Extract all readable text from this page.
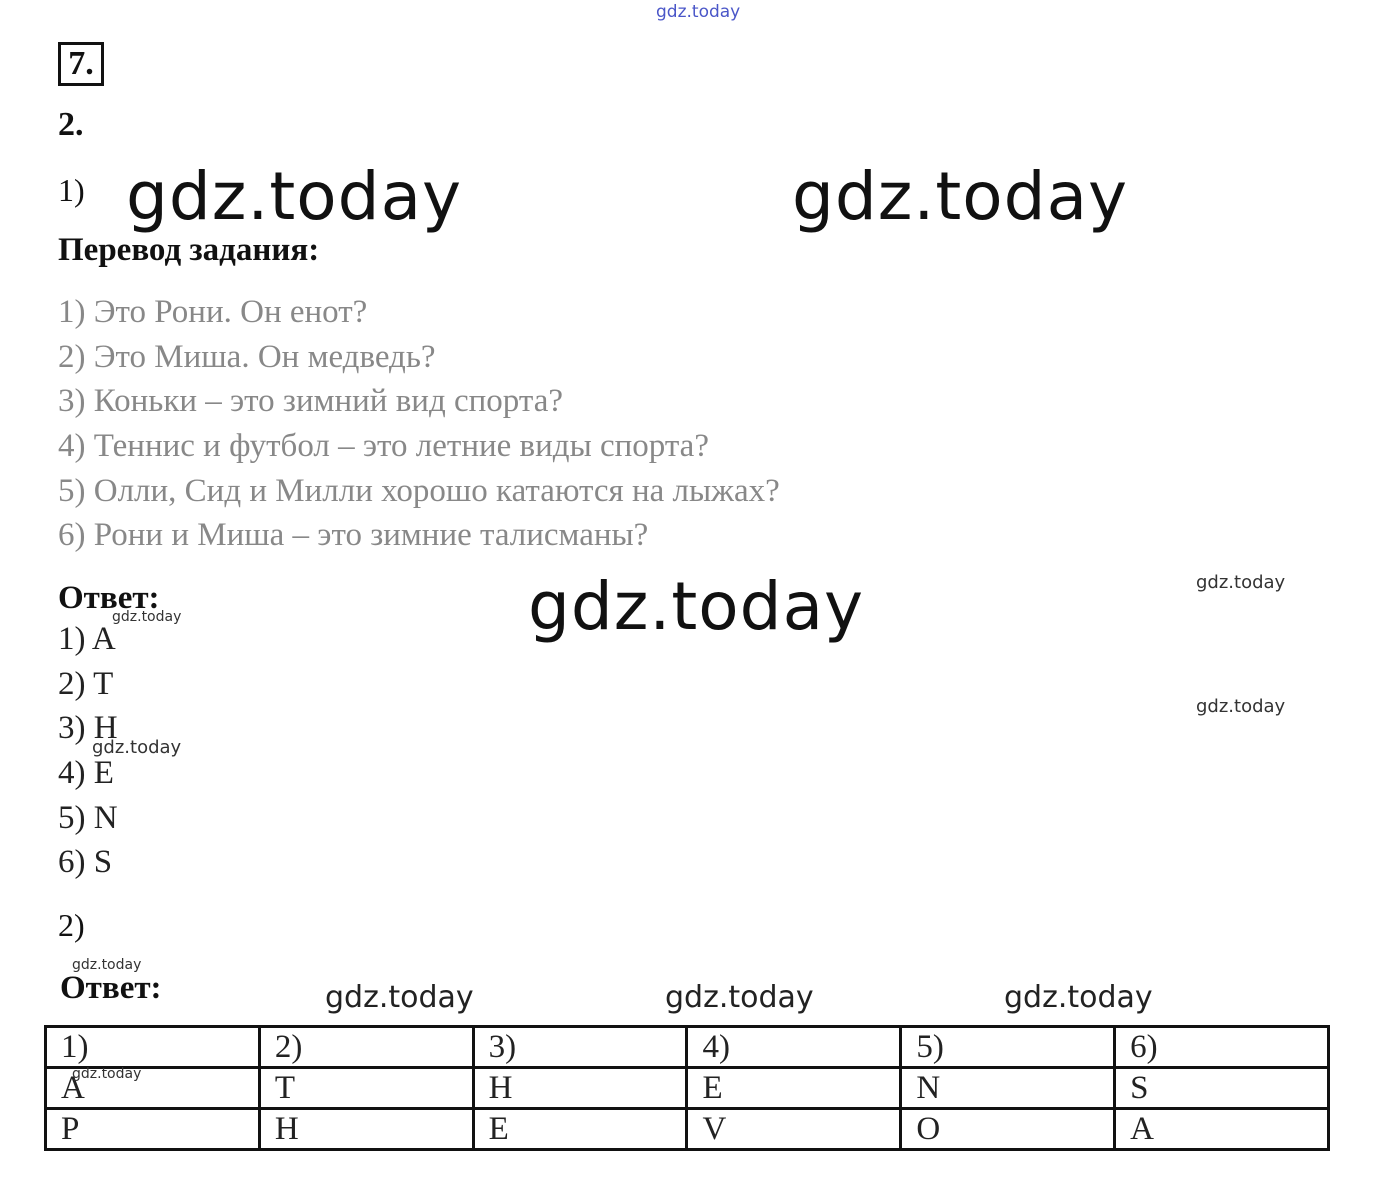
gdz.today
7.
2.
1) gdz.today	gdz.today
Перевод задания:
1) Это Рони. Он енот?
2) Это Миша. Он медведь?
3) Коньки – это зимний вид спорта?
4) Теннис и футбол – это летние виды спорта?
5) Олли, Сид и Милли хорошо катаются на лыжах?
6) Рони и Миша – это зимние талисманы?
Ответ:	gdz.today	gdz.today
gdz.today
1) A
2) T
3) H
4) E
5) N
6) S
gdz.today
gdz.today
2)
gdz.today
Ответ:	gdz.today	gdz.today	gdz.today
1)	2)	3)	4)	5)	6)
A	T	H	E	N	S
P	H	E	V	O	A
gdz.today
